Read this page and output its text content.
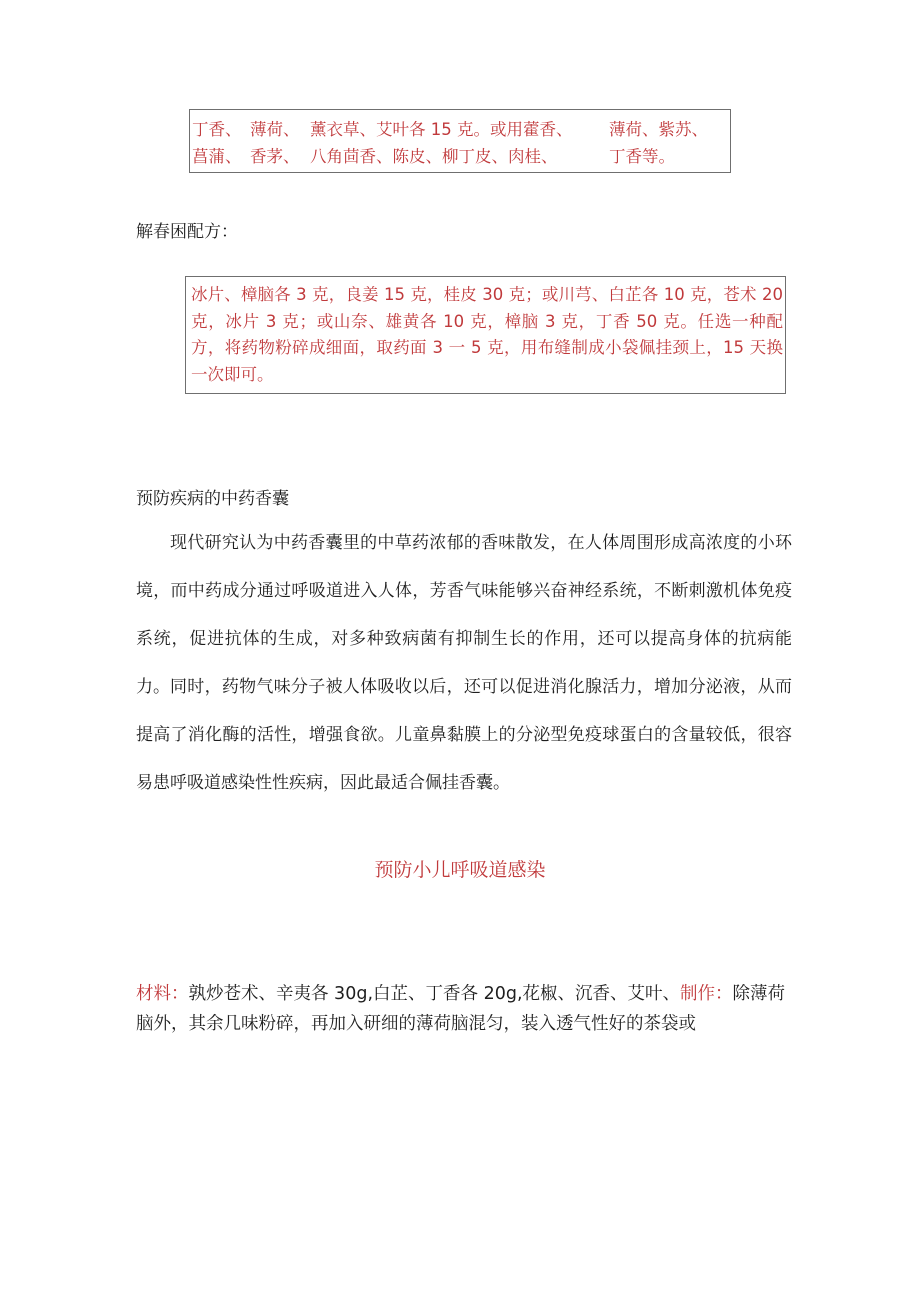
丁香、 薄荷、 薰衣草、艾叶各 15 克。或用藿香、 薄荷、紫苏、
菖蒲、 香茅、 八角茴香、陈皮、柳丁皮、肉桂、	丁香等。
解春困配方：
冰片、樟脑各 3 克，良姜 15 克，桂皮 30 克；或川芎、白芷各 10 克，苍术 20 克，冰片 3 克；或山奈、雄黄各 10 克，樟脑 3 克，丁香 50 克。任选一种配方，将药物粉碎成细面，取药面 3 一 5 克，用布缝制成小袋佩挂颈上，15 天换一次即可。
预防疾病的中药香囊
现代研究认为中药香囊里的中草药浓郁的香味散发，在人体周围形成高浓度的小环境，而中药成分通过呼吸道进入人体，芳香气味能够兴奋神经系统，不断刺激机体免疫系统，促进抗体的生成，对多种致病菌有抑制生长的作用，还可以提高身体的抗病能力。 同时，药物气味分子被人体吸收以后，还可以促进消化腺活力，增加分泌液，从而提高了消化酶的活性，增强食欲。儿童鼻黏膜上的分泌型免疫球蛋白的含量较低，很容易患呼吸道感染性性疾病，因此最适合佩挂香囊。
预防小儿呼吸道感染
材料：孰炒苍术、辛夷各 30g,白芷、丁香各 20g,花椒、沉香、艾叶、制作：除薄荷脑外，其余几味粉碎，再加入研细的薄荷脑混匀，装入透气性好的茶袋或
